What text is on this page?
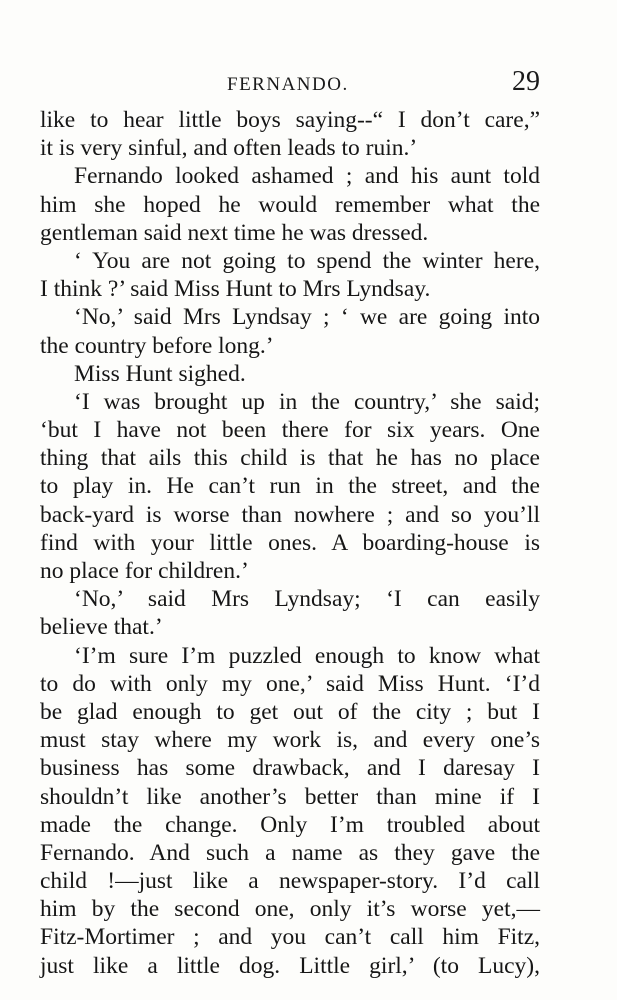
FERNANDO.	29
like to hear little boys saying--“ I don’t care,”
it is very sinful, and often leads to ruin.’
Fernando looked ashamed ; and his aunt told
him she hoped he would remember what the
gentleman said next time he was dressed.
‘ You are not going to spend the winter here,
I think ?’ said Miss Hunt to Mrs Lyndsay.
‘No,’ said Mrs Lyndsay ; ‘ we are going into
the country before long.’
Miss Hunt sighed.
‘I was brought up in the country,’ she said;
‘but I have not been there for six years. One
thing that ails this child is that he has no place
to play in. He can’t run in the street, and the
back-yard is worse than nowhere ; and so you’ll
find with your little ones. A boarding-house is
no place for children.’
‘No,’ said Mrs Lyndsay; ‘I can easily
believe that.’
‘I’m sure I’m puzzled enough to know what
to do with only my one,’ said Miss Hunt. ‘I’d
be glad enough to get out of the city ; but I
must stay where my work is, and every one’s
business has some drawback, and I daresay I
shouldn’t like another’s better than mine if I
made the change. Only I’m troubled about
Fernando. And such a name as they gave the
child !—just like a newspaper-story. I’d call
him by the second one, only it’s worse yet,—
Fitz-Mortimer ; and you can’t call him Fitz,
just like a little dog. Little girl,’ (to Lucy),
